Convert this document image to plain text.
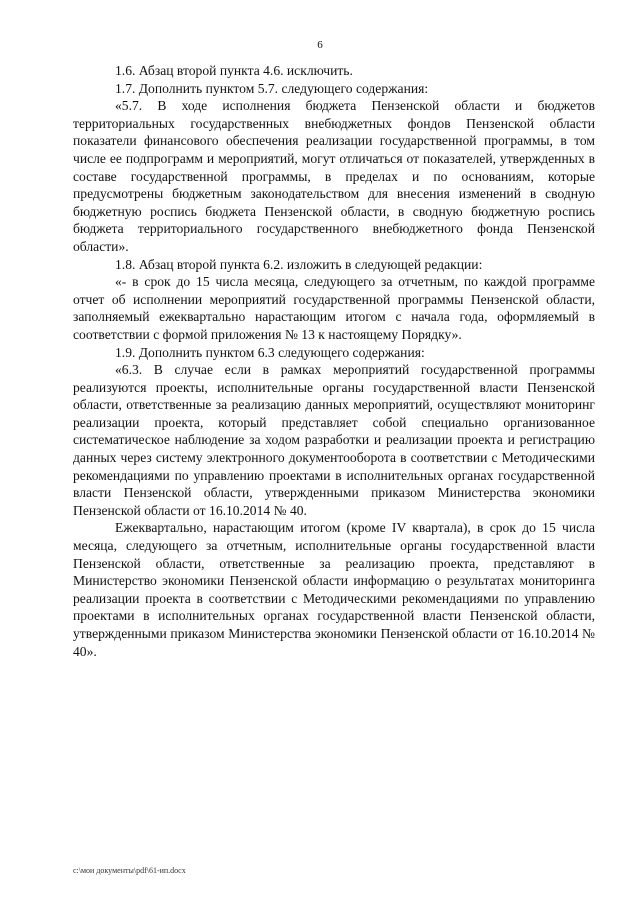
6

1.6. Абзац второй пункта 4.6. исключить.

1.7. Дополнить пунктом 5.7. следующего содержания:

«5.7. В ходе исполнения бюджета Пензенской области и бюджетов территориальных государственных внебюджетных фондов Пензенской области показатели финансового обеспечения реализации государственной программы, в том числе ее подпрограмм и мероприятий, могут отличаться от показателей, утвержденных в составе государственной программы, в пределах и по основаниям, которые предусмотрены бюджетным законодательством для внесения изменений в сводную бюджетную роспись бюджета Пензенской области, в сводную бюджетную роспись бюджета территориального государственного внебюджетного фонда Пензенской области».

1.8. Абзац второй пункта 6.2. изложить в следующей редакции:

«- в срок до 15 числа месяца, следующего за отчетным, по каждой программе отчет об исполнении мероприятий государственной программы Пензенской области, заполняемый ежеквартально нарастающим итогом с начала года, оформляемый в соответствии с формой приложения № 13 к настоящему Порядку».

1.9. Дополнить пунктом 6.3 следующего содержания:

«6.3. В случае если в рамках мероприятий государственной программы реализуются проекты, исполнительные органы государственной власти Пензенской области, ответственные за реализацию данных мероприятий, осуществляют мониторинг реализации проекта, который представляет собой специально организованное систематическое наблюдение за ходом разработки и реализации проекта и регистрацию данных через систему электронного документооборота в соответствии с Методическими рекомендациями по управлению проектами в исполнительных органах государственной власти Пензенской области, утвержденными приказом Министерства экономики Пензенской области от 16.10.2014 № 40.

Ежеквартально, нарастающим итогом (кроме IV квартала), в срок до 15 числа месяца, следующего за отчетным, исполнительные органы государственной власти Пензенской области, ответственные за реализацию проекта, представляют в Министерство экономики Пензенской области информацию о результатах мониторинга реализации проекта в соответствии с Методическими рекомендациями по управлению проектами в исполнительных органах государственной власти Пензенской области, утвержденными приказом Министерства экономики Пензенской области от 16.10.2014 № 40».

c:\мои документы\pdf\61-ип.docx
